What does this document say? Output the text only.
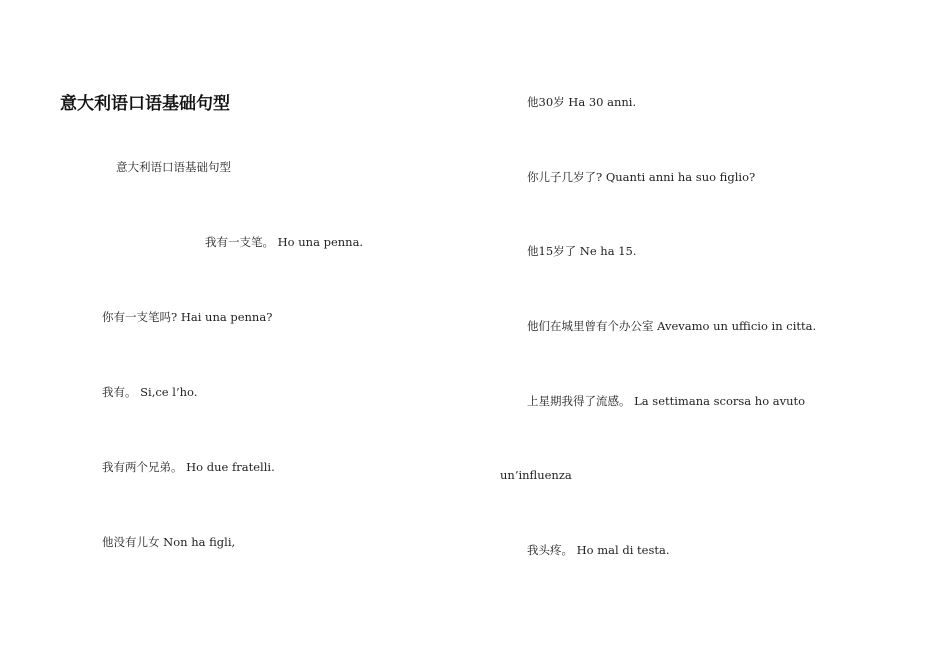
意大利语口语基础句型
意大利语口语基础句型
我有一支笔。 Ho una penna.
你有一支笔吗? Hai una penna?
我有。 Si,ce l’ho.
我有两个兄弟。 Ho due fratelli.
他没有儿女 Non ha figli,
他30岁 Ha 30 anni.
你儿子几岁了? Quanti anni ha suo figlio?
他15岁了 Ne ha 15.
他们在城里曾有个办公室 Avevamo un ufficio in citta.
上星期我得了流感。 La settimana scorsa ho avuto
un’influenza
我头疼。 Ho mal di testa.
